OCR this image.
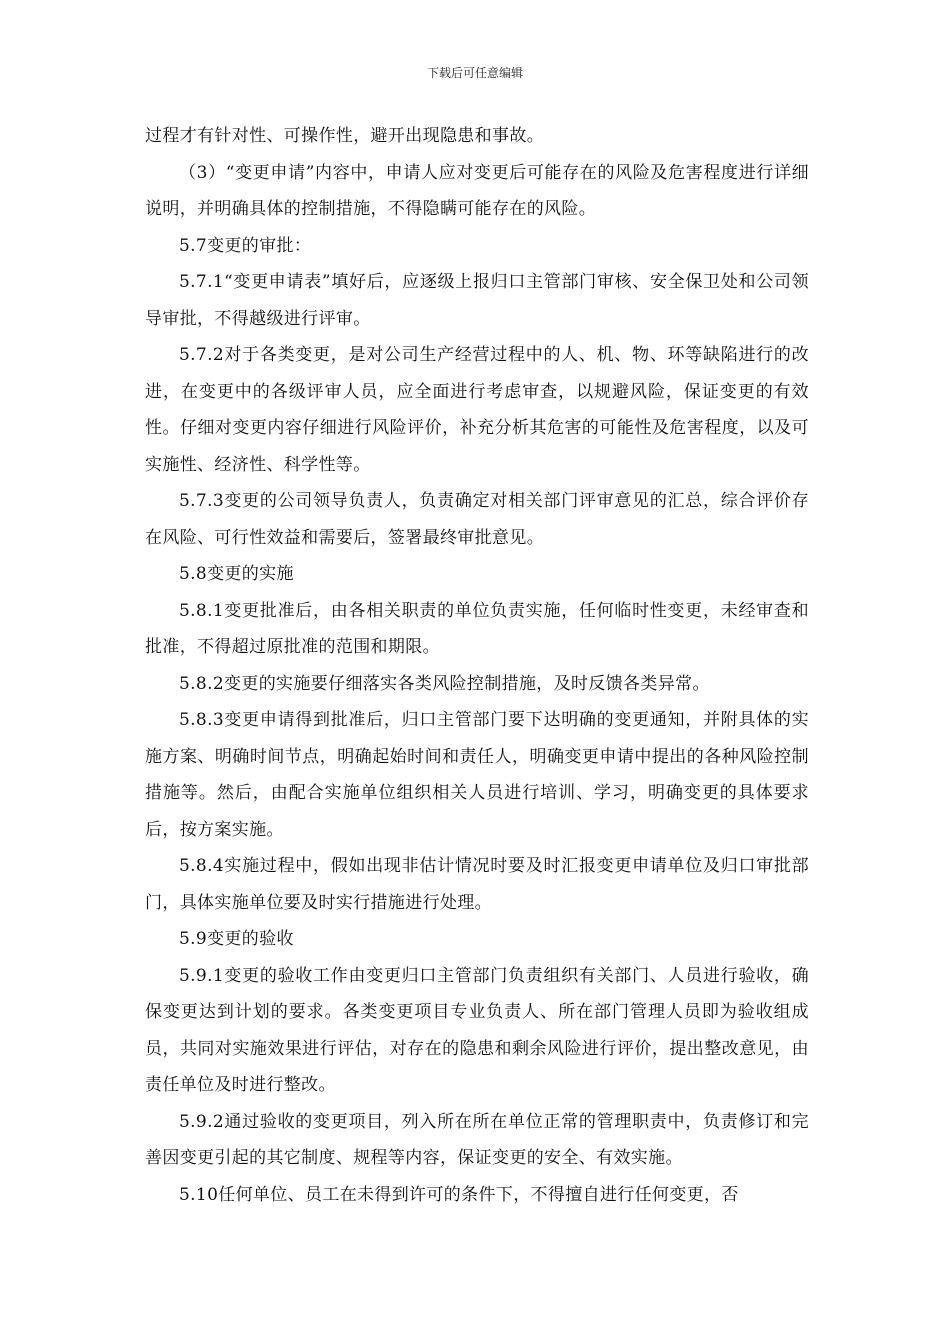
下载后可任意编辑

过程才有针对性、可操作性，避开出现隐患和事故。

（3）“变更申请”内容中，申请人应对变更后可能存在的风险及危害程度进行详细说明，并明确具体的控制措施，不得隐瞒可能存在的风险。

5.7变更的审批：

5.7.1“变更申请表”填好后，应逐级上报归口主管部门审核、安全保卫处和公司领导审批，不得越级进行评审。

5.7.2对于各类变更，是对公司生产经营过程中的人、机、物、环等缺陷进行的改进，在变更中的各级评审人员，应全面进行考虑审查，以规避风险，保证变更的有效性。仔细对变更内容仔细进行风险评价，补充分析其危害的可能性及危害程度，以及可实施性、经济性、科学性等。

5.7.3变更的公司领导负责人，负责确定对相关部门评审意见的汇总，综合评价存在风险、可行性效益和需要后，签署最终审批意见。

5.8变更的实施

5.8.1变更批准后，由各相关职责的单位负责实施，任何临时性变更，未经审查和批准，不得超过原批准的范围和期限。

5.8.2变更的实施要仔细落实各类风险控制措施，及时反馈各类异常。

5.8.3变更申请得到批准后，归口主管部门要下达明确的变更通知，并附具体的实施方案、明确时间节点，明确起始时间和责任人，明确变更申请中提出的各种风险控制措施等。然后，由配合实施单位组织相关人员进行培训、学习，明确变更的具体要求后，按方案实施。

5.8.4实施过程中，假如出现非估计情况时要及时汇报变更申请单位及归口审批部门，具体实施单位要及时实行措施进行处理。

5.9变更的验收

5.9.1变更的验收工作由变更归口主管部门负责组织有关部门、人员进行验收，确保变更达到计划的要求。各类变更项目专业负责人、所在部门管理人员即为验收组成员，共同对实施效果进行评估，对存在的隐患和剩余风险进行评价，提出整改意见，由责任单位及时进行整改。

5.9.2通过验收的变更项目，列入所在所在单位正常的管理职责中，负责修订和完善因变更引起的其它制度、规程等内容，保证变更的安全、有效实施。

5.10任何单位、员工在未得到许可的条件下，不得擅自进行任何变更，否
